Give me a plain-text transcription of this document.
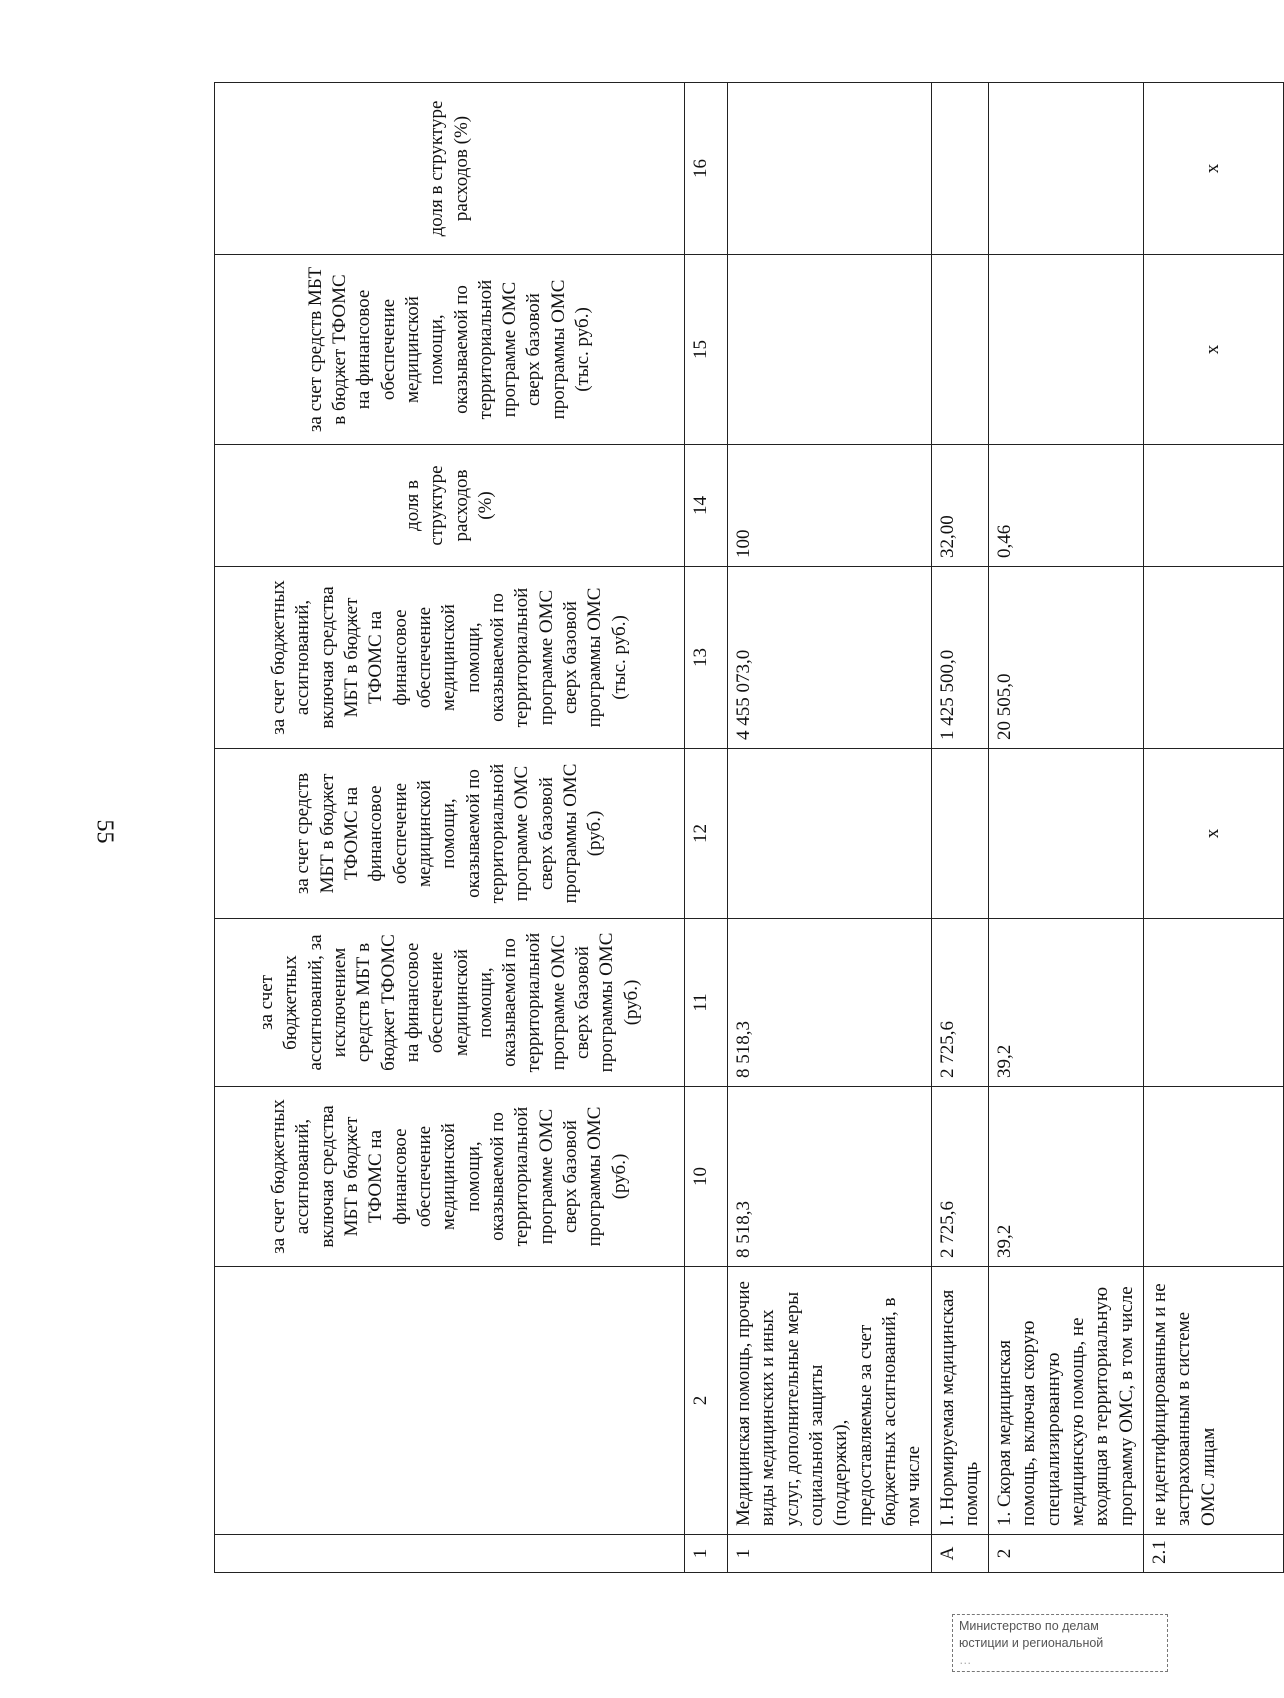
55
		за счет бюджетных ассигнований, включая средства МБТ в бюджет ТФОМС на финансовое обеспечение медицинской помощи, оказываемой по территориальной программе ОМС сверх базовой программы ОМС (руб.)	за счет бюджетных ассигнований, за исключением средств МБТ в бюджет ТФОМС на финансовое обеспечение медицинской помощи, оказываемой по территориальной программе ОМС сверх базовой программы ОМС (руб.)	за счет средств МБТ в бюджет ТФОМС на финансовое обеспечение медицинской помощи, оказываемой по территориальной программе ОМС сверх базовой программы ОМС (руб.)	за счет бюджетных ассигнований, включая средства МБТ в бюджет ТФОМС на финансовое обеспечение медицинской помощи, оказываемой по территориальной программе ОМС сверх базовой программы ОМС (тыс. руб.)	доля в структуре расходов (%)	за счет средств МБТ в бюджет ТФОМС на финансовое обеспечение медицинской помощи, оказываемой по территориальной программе ОМС сверх базовой программы ОМС (тыс. руб.)	доля в структуре расходов (%)
1	2	10	11	12	13	14	15	16
1	Медицинская помощь, прочие виды медицинских и иных услуг, дополнительные меры социальной защиты (поддержки), предоставляемые за счет бюджетных ассигнований, в том числе	8 518,3	8 518,3		4 455 073,0	100		
А	I. Нормируемая медицинская помощь	2 725,6	2 725,6		1 425 500,0	32,00		
2	1. Скорая медицинская помощь, включая скорую специализированную медицинскую помощь, не входящая в территориальную программу ОМС, в том числе	39,2	39,2		20 505,0	0,46		
2.1	не идентифицированным и не застрахованным в системе ОМС лицам			х			х	х
Министерство по делам
юстиции и региональной
…
